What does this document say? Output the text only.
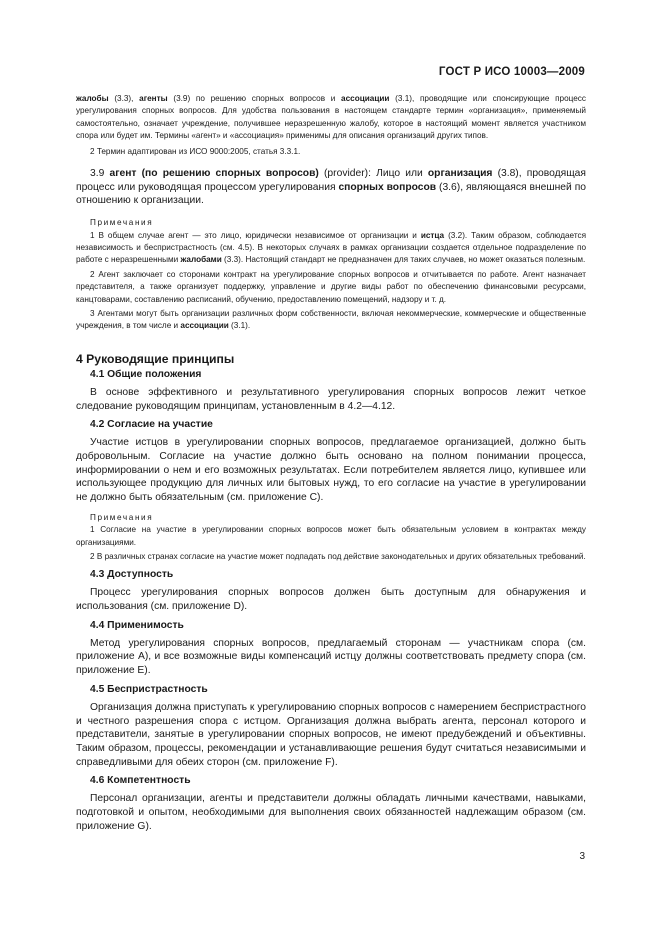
ГОСТ Р ИСО 10003—2009

жалобы (3.3), агенты (3.9) по решению спорных вопросов и ассоциации (3.1), проводящие или спонсирующие процесс урегулирования спорных вопросов. Для удобства пользования в настоящем стандарте термин «организация», применяемый самостоятельно, означает учреждение, получившее неразрешенную жалобу, которое в настоящий момент является участником спора или будет им. Термины «агент» и «ассоциация» применимы для описания организаций других типов.

2 Термин адаптирован из ИСО 9000:2005, статья 3.3.1.

3.9 агент (по решению спорных вопросов) (provider): Лицо или организация (3.8), проводящая процесс или руководящая процессом урегулирования спорных вопросов (3.6), являющаяся внешней по отношению к организации.

Примечания

1 В общем случае агент — это лицо, юридически независимое от организации и истца (3.2). Таким образом, соблюдается независимость и беспристрастность (см. 4.5). В некоторых случаях в рамках организации создается отдельное подразделение по работе с неразрешенными жалобами (3.3). Настоящий стандарт не предназначен для таких случаев, но может оказаться полезным.

2 Агент заключает со сторонами контракт на урегулирование спорных вопросов и отчитывается по работе. Агент назначает представителя, а также организует поддержку, управление и другие виды работ по обеспечению финансовыми ресурсами, канцтоварами, составлению расписаний, обучению, предоставлению помещений, надзору и т. д.

3 Агентами могут быть организации различных форм собственности, включая некоммерческие, коммерческие и общественные учреждения, в том числе и ассоциации (3.1).

4 Руководящие принципы
4.1 Общие положения

В основе эффективного и результативного урегулирования спорных вопросов лежит четкое следование руководящим принципам, установленным в 4.2—4.12.

4.2 Согласие на участие

Участие истцов в урегулировании спорных вопросов, предлагаемое организацией, должно быть добровольным. Согласие на участие должно быть основано на полном понимании процесса, информировании о нем и его возможных результатах. Если потребителем является лицо, купившее или использующее продукцию для личных или бытовых нужд, то его согласие на участие в урегулировании не должно быть обязательным (см. приложение C).

Примечания

1 Согласие на участие в урегулировании спорных вопросов может быть обязательным условием в контрактах между организациями.

2 В различных странах согласие на участие может подпадать под действие законодательных и других обязательных требований.

4.3 Доступность

Процесс урегулирования спорных вопросов должен быть доступным для обнаружения и использования (см. приложение D).

4.4 Применимость

Метод урегулирования спорных вопросов, предлагаемый сторонам — участникам спора (см. приложение A), и все возможные виды компенсаций истцу должны соответствовать предмету спора (см. приложение E).

4.5 Беспристрастность

Организация должна приступать к урегулированию спорных вопросов с намерением беспристрастного и честного разрешения спора с истцом. Организация должна выбрать агента, персонал которого и представители, занятые в урегулировании спорных вопросов, не имеют предубеждений и объективны. Таким образом, процессы, рекомендации и устанавливающие решения будут считаться независимыми и справедливыми для обеих сторон (см. приложение F).

4.6 Компетентность

Персонал организации, агенты и представители должны обладать личными качествами, навыками, подготовкой и опытом, необходимыми для выполнения своих обязанностей надлежащим образом (см. приложение G).

3
